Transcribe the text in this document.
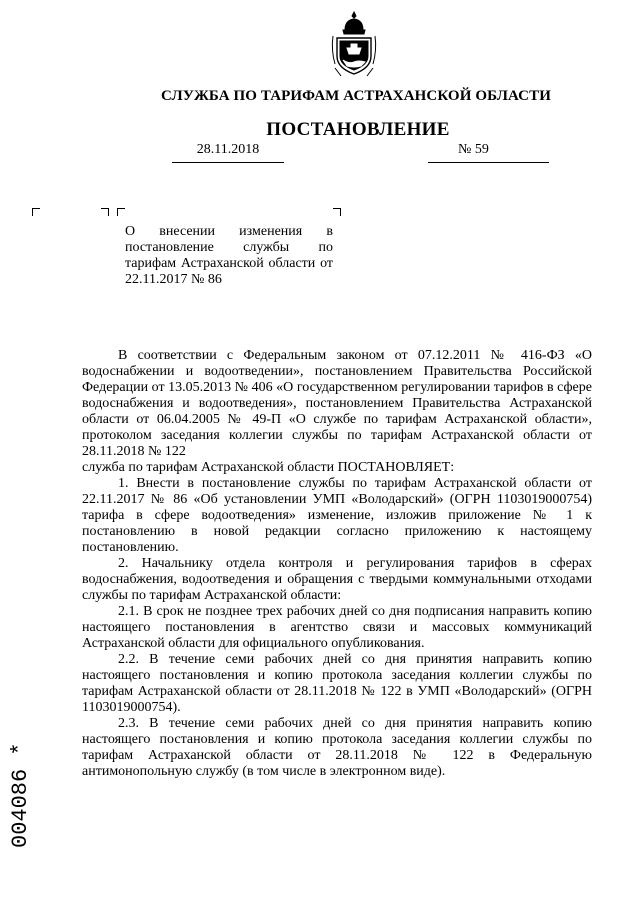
СЛУЖБА ПО ТАРИФАМ АСТРАХАНСКОЙ ОБЛАСТИ
ПОСТАНОВЛЕНИЕ
28.11.2018	№ 59
О внесении изменения в постановление службы по тарифам Астраханской области от 22.11.2017 № 86

В соответствии с Федеральным законом от 07.12.2011 № 416-ФЗ «О водоснабжении и водоотведении», постановлением Правительства Российской Федерации от 13.05.2013 № 406 «О государственном регулировании тарифов в сфере водоснабжения и водоотведения», постановлением Правительства Астраханской области от 06.04.2005 № 49-П «О службе по тарифам Астраханской области», протоколом заседания коллегии службы по тарифам Астраханской области от 28.11.2018 № 122

служба по тарифам Астраханской области ПОСТАНОВЛЯЕТ:

1. Внести в постановление службы по тарифам Астраханской области от 22.11.2017 № 86 «Об установлении УМП «Володарский» (ОГРН 1103019000754) тарифа в сфере водоотведения» изменение, изложив приложение № 1 к постановлению в новой редакции согласно приложению к настоящему постановлению.

2. Начальнику отдела контроля и регулирования тарифов в сферах водоснабжения, водоотведения и обращения с твердыми коммунальными отходами службы по тарифам Астраханской области:

2.1. В срок не позднее трех рабочих дней со дня подписания направить копию настоящего постановления в агентство связи и массовых коммуникаций Астраханской области для официального опубликования.

2.2. В течение семи рабочих дней со дня принятия направить копию настоящего постановления и копию протокола заседания коллегии службы по тарифам Астраханской области от 28.11.2018 № 122 в УМП «Володарский» (ОГРН 1103019000754).

2.3. В течение семи рабочих дней со дня принятия направить копию настоящего постановления и копию протокола заседания коллегии службы по тарифам Астраханской области от 28.11.2018 № 122 в Федеральную антимонопольную службу (в том числе в электронном виде).

004086 *
